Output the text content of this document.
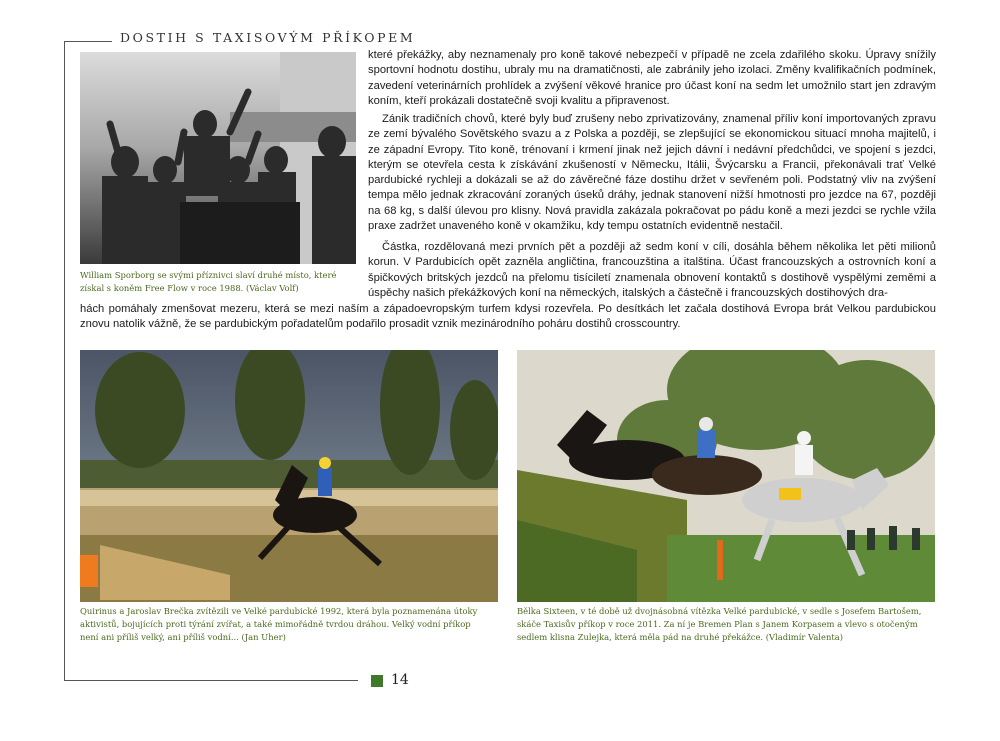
DOSTIH S TAXISOVÝM PŘÍKOPEM

William Sporborg se svými příznivci slaví druhé místo, které získal s koněm Free Flow v roce 1988. (Václav Volf)

které překážky, aby neznamenaly pro koně takové nebezpečí v případě ne zcela zdařilého skoku. Úpravy snížily sportovní hodnotu dostihu, ubraly mu na dramatičnosti, ale zabránily jeho izolaci. Změny kvalifikačních podmínek, zavedení veterinárních prohlídek a zvýšení věkové hranice pro účast koní na sedm let umožnilo start jen zdravým koním, kteří prokázali dostatečně svoji kvalitu a připravenost.

Zánik tradičních chovů, které byly buď zrušeny nebo zprivatizovány, znamenal příliv koní importovaných zpravu ze zemí bývalého Sovětského svazu a z Polska a později, se zlepšující se ekonomickou situací mnoha majitelů, i ze západní Evropy. Tito koně, trénovaní i krmení jinak než jejich dávní i nedávní předchůdci, ve spojení s jezdci, kterým se otevřela cesta k získávání zkušeností v Německu, Itálii, Švýcarsku a Francii, překonávali trať Velké pardubické rychleji a dokázali se až do závěrečné fáze dostihu držet v sevřeném poli. Podstatný vliv na zvýšení tempa mělo jednak zkracování zoraných úseků dráhy, jednak stanovení nižší hmotnosti pro jezdce na 67, později na 68 kg, s další úlevou pro klisny. Nová pravidla zakázala pokračovat po pádu koně a mezi jezdci se rychle vžila praxe zadržet unaveného koně v okamžiku, kdy tempu ostatních evidentně nestačil.

Částka, rozdělovaná mezi prvních pět a později až sedm koní v cíli, dosáhla během několika let pěti milionů korun. V Pardubicích opět zazněla angličtina, francouzština a italština. Účast francouzských a ostrovních koní a špičkových britských jezdců na přelomu tisíciletí znamenala obnovení kontaktů s dostihově vyspělými zeměmi a úspěchy našich překážkových koní na německých, italských a částečně i francouzských dostihových dra-

hách pomáhaly zmenšovat mezeru, která se mezi naším a západoevropským turfem kdysi rozevřela. Po desítkách let začala dostihová Evropa brát Velkou pardubickou znovu natolik vážně, že se pardubickým pořadatelům podařilo prosadit vznik mezinárodního poháru dostihů crosscountry.

Quirinus a Jaroslav Brečka zvítězili ve Velké pardubické 1992, která byla poznamenána útoky aktivistů, bojujících proti týrání zvířat, a také mimořádně tvrdou dráhou. Velký vodní příkop není ani příliš velký, ani příliš vodní... (Jan Uher)

Bělka Sixteen, v té době už dvojnásobná vítězka Velké pardubické, v sedle s Josefem Bartošem, skáče Taxisův příkop v roce 2011. Za ní je Bremen Plan s Janem Korpasem a vlevo s otočeným sedlem klisna Zulejka, která měla pád na druhé překážce. (Vladimír Valenta)

14
